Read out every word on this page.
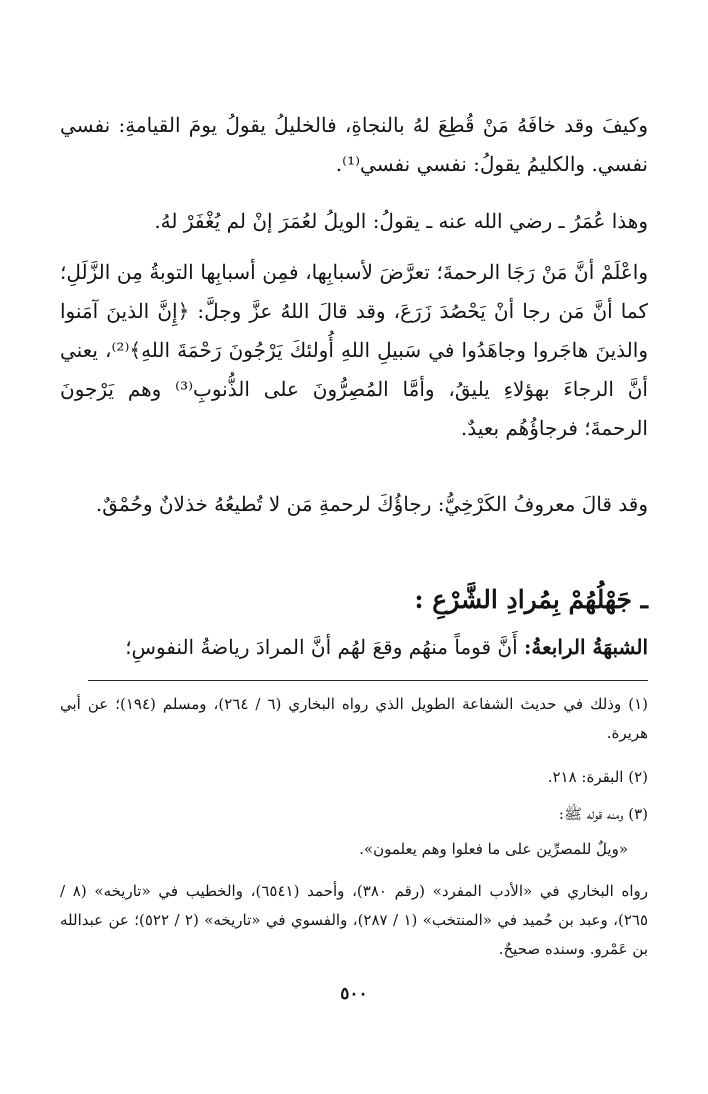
وكيفَ وقد خافَهُ مَنْ قُطِعَ لهُ بالنجاةِ، فالخليلُ يقولُ يومَ القيامةِ: نفسي نفسي. والكليمُ يقولُ: نفسي نفسي⁽¹⁾.

وهذا عُمَرُ ـ رضي الله عنه ـ يقولُ: الويلُ لعُمَرَ إنْ لم يُغْفَرْ لهُ.

واعْلَمْ أنَّ مَنْ رَجَا الرحمةَ؛ تعرَّضَ لأسبابِها، فمِن أسبابِها التوبةُ مِن الزَّلَلِ؛ كما أنَّ مَن رجا أنْ يَحْصُدَ زَرَعَ، وقد قالَ اللهُ عزَّ وجلَّ: ﴿إِنَّ الذينَ آمَنوا والذينَ هاجَروا وجاهَدُوا في سَبيلِ اللهِ أُولئكَ يَرْجُونَ رَحْمَةَ اللهِ﴾⁽²⁾، يعني أنَّ الرجاءَ بهؤلاءِ يليقُ، وأمَّا المُصِرُّونَ على الذُّنوبِ⁽³⁾ وهم يَرْجونَ الرحمةَ؛ فرجاؤُهُم بعيدٌ.

وقد قالَ معروفُ الكَرْخِيُّ: رجاؤُكَ لرحمةِ مَن لا تُطيعُهُ خذلانٌ وحُمْقٌ.

ـ جَهْلُهُمْ بِمُرادِ الشَّرْعِ :

الشبهَةُ الرابعةُ: أَنَّ قوماً منهُم وقعَ لهُم أنَّ المرادَ رياضةُ النفوسِ؛

(١) وذلك في حديث الشفاعة الطويل الذي رواه البخاري (٦ / ٢٦٤)، ومسلم (١٩٤)؛ عن أبي هريرة.

(٢) البقرة: ٢١٨.

(٣) ومنه قوله ﷺ:

«ويلٌ للمصرِّين على ما فعلوا وهم يعلمون».

رواه البخاري في «الأدب المفرد» (رقم ٣٨٠)، وأحمد (٦٥٤١)، والخطيب في «تاريخه» (٨ / ٢٦٥)، وعبد بن حُميد في «المنتخب» (١ / ٢٨٧)، والفسوي في «تاريخه» (٢ / ٥٢٢)؛ عن عبدالله بن عَمْرو. وسنده صحيحٌ.

٥٠٠
